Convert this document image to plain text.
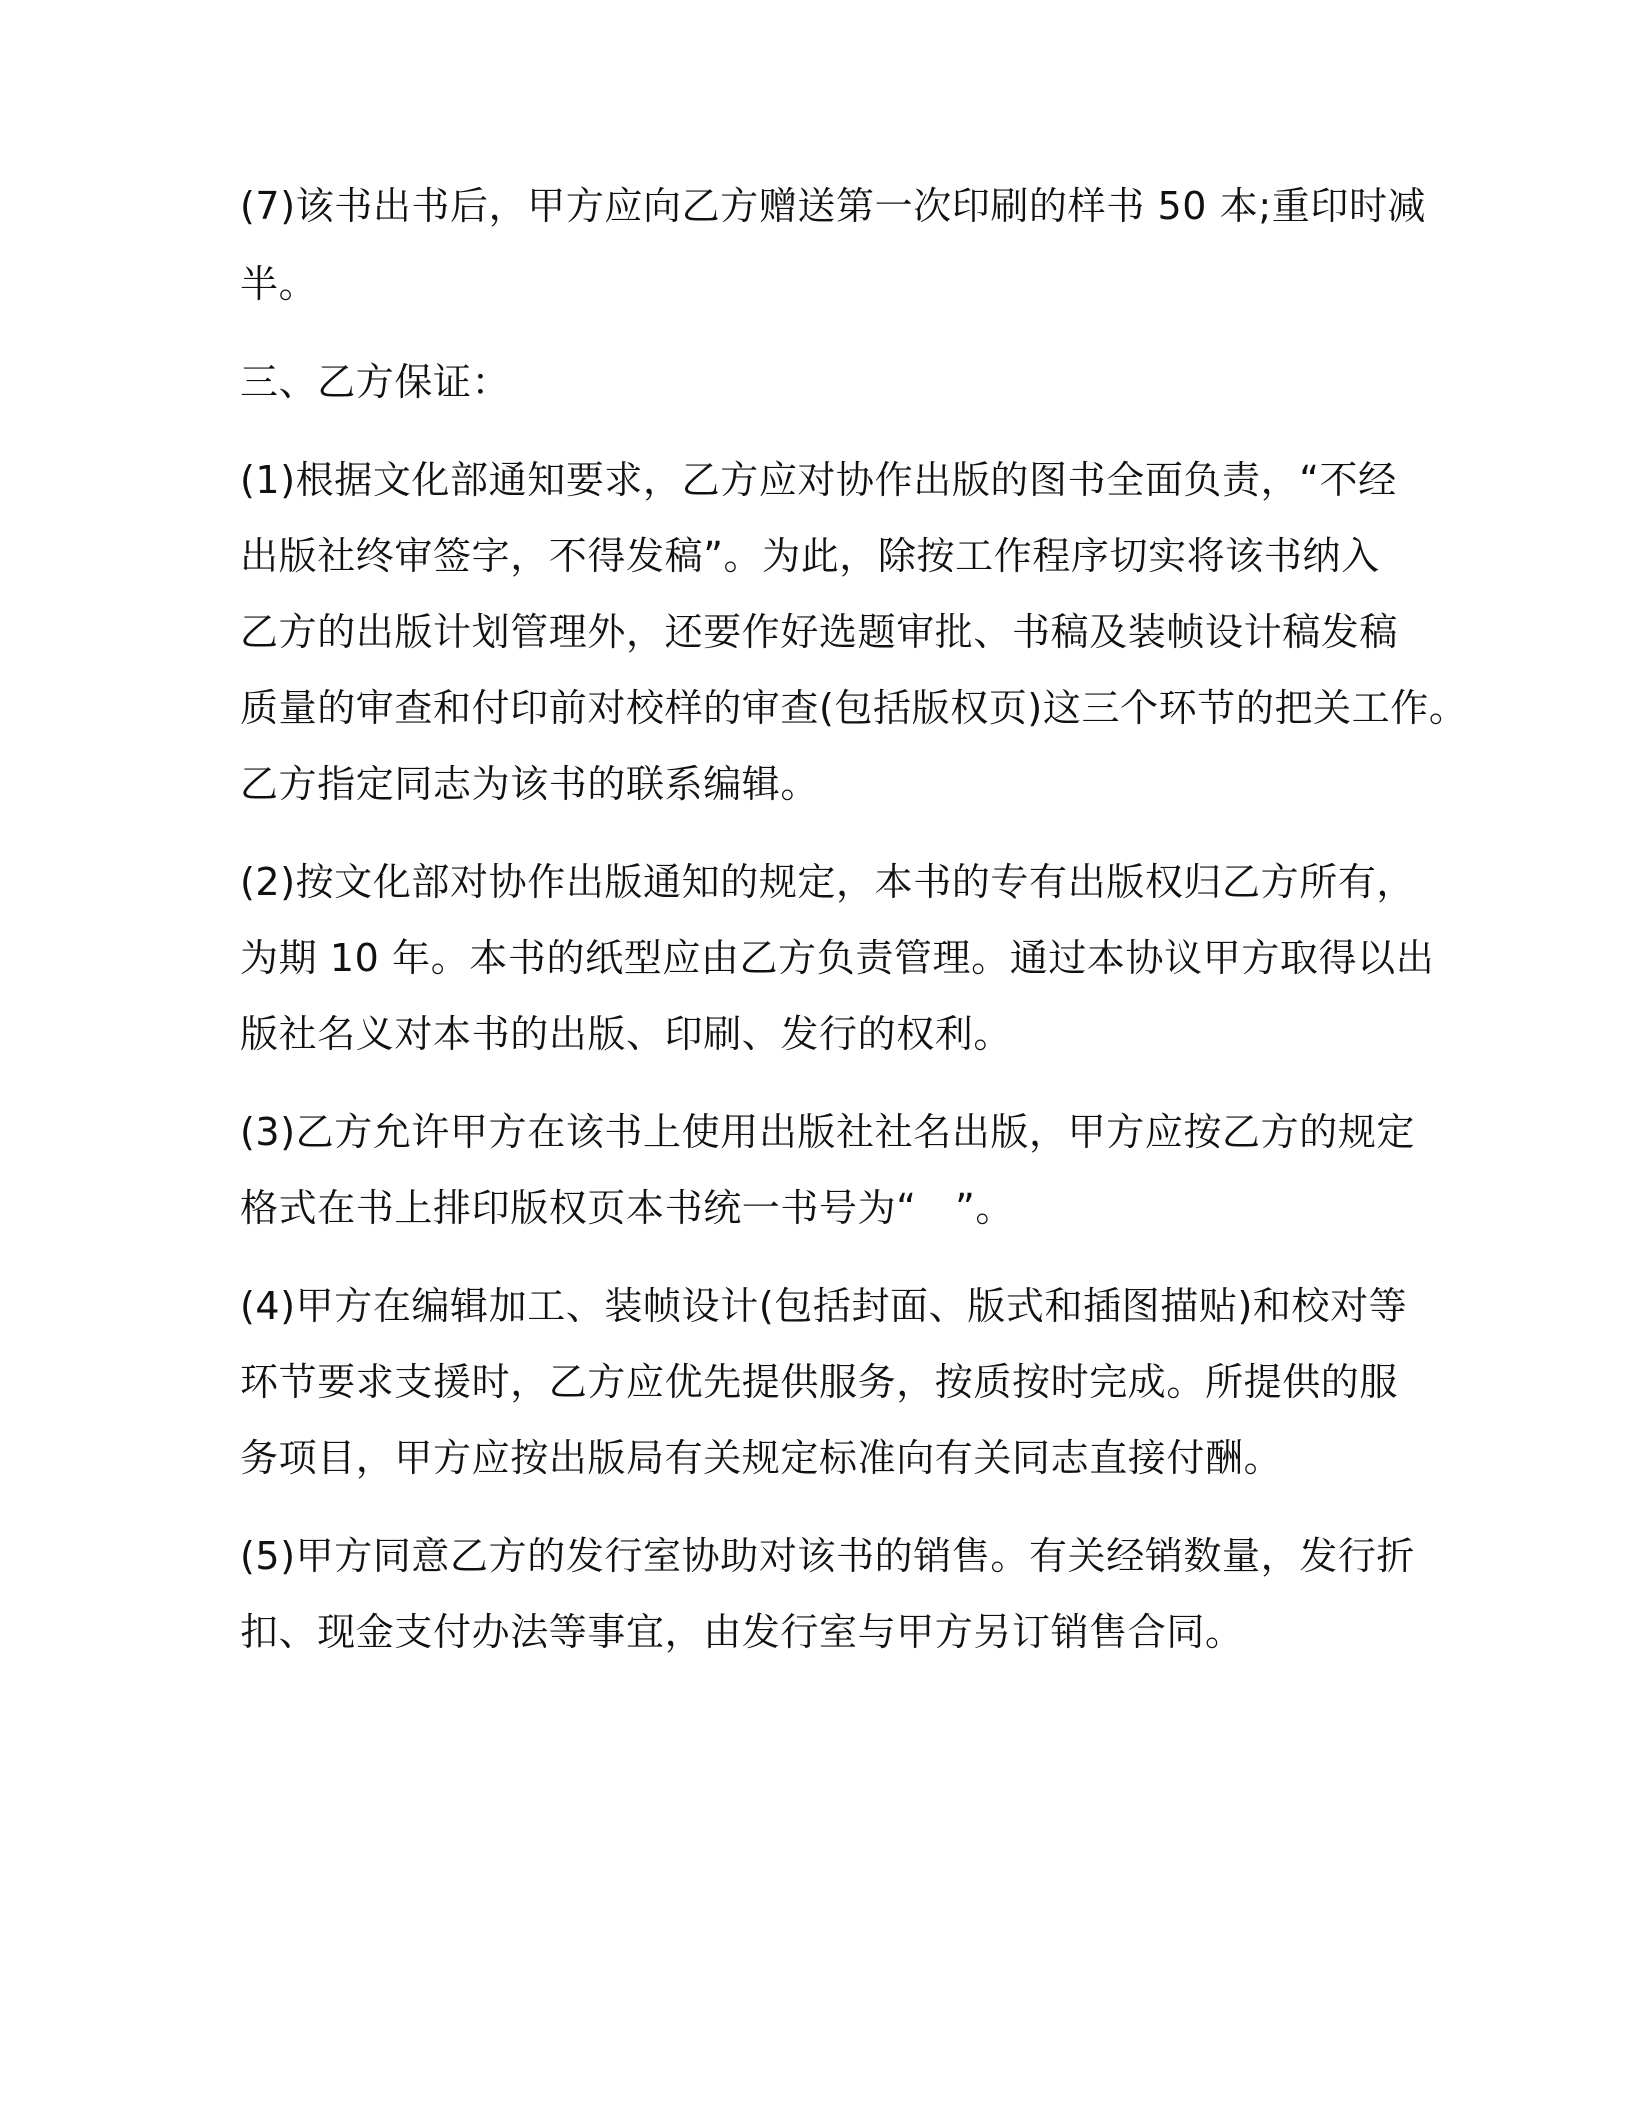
(7)该书出书后，甲方应向乙方赠送第一次印刷的样书 50 本;重印时减
半。
三、乙方保证：
(1)根据文化部通知要求，乙方应对协作出版的图书全面负责，“不经
出版社终审签字，不得发稿”。为此，除按工作程序切实将该书纳入
乙方的出版计划管理外，还要作好选题审批、书稿及装帧设计稿发稿
质量的审查和付印前对校样的审查(包括版权页)这三个环节的把关工作。
乙方指定同志为该书的联系编辑。
(2)按文化部对协作出版通知的规定，本书的专有出版权归乙方所有，
为期 10 年。本书的纸型应由乙方负责管理。通过本协议甲方取得以出
版社名义对本书的出版、印刷、发行的权利。
(3)乙方允许甲方在该书上使用出版社社名出版，甲方应按乙方的规定
格式在书上排印版权页本书统一书号为“　”。
(4)甲方在编辑加工、装帧设计(包括封面、版式和插图描贴)和校对等
环节要求支援时，乙方应优先提供服务，按质按时完成。所提供的服
务项目，甲方应按出版局有关规定标准向有关同志直接付酬。
(5)甲方同意乙方的发行室协助对该书的销售。有关经销数量，发行折
扣、现金支付办法等事宜，由发行室与甲方另订销售合同。
